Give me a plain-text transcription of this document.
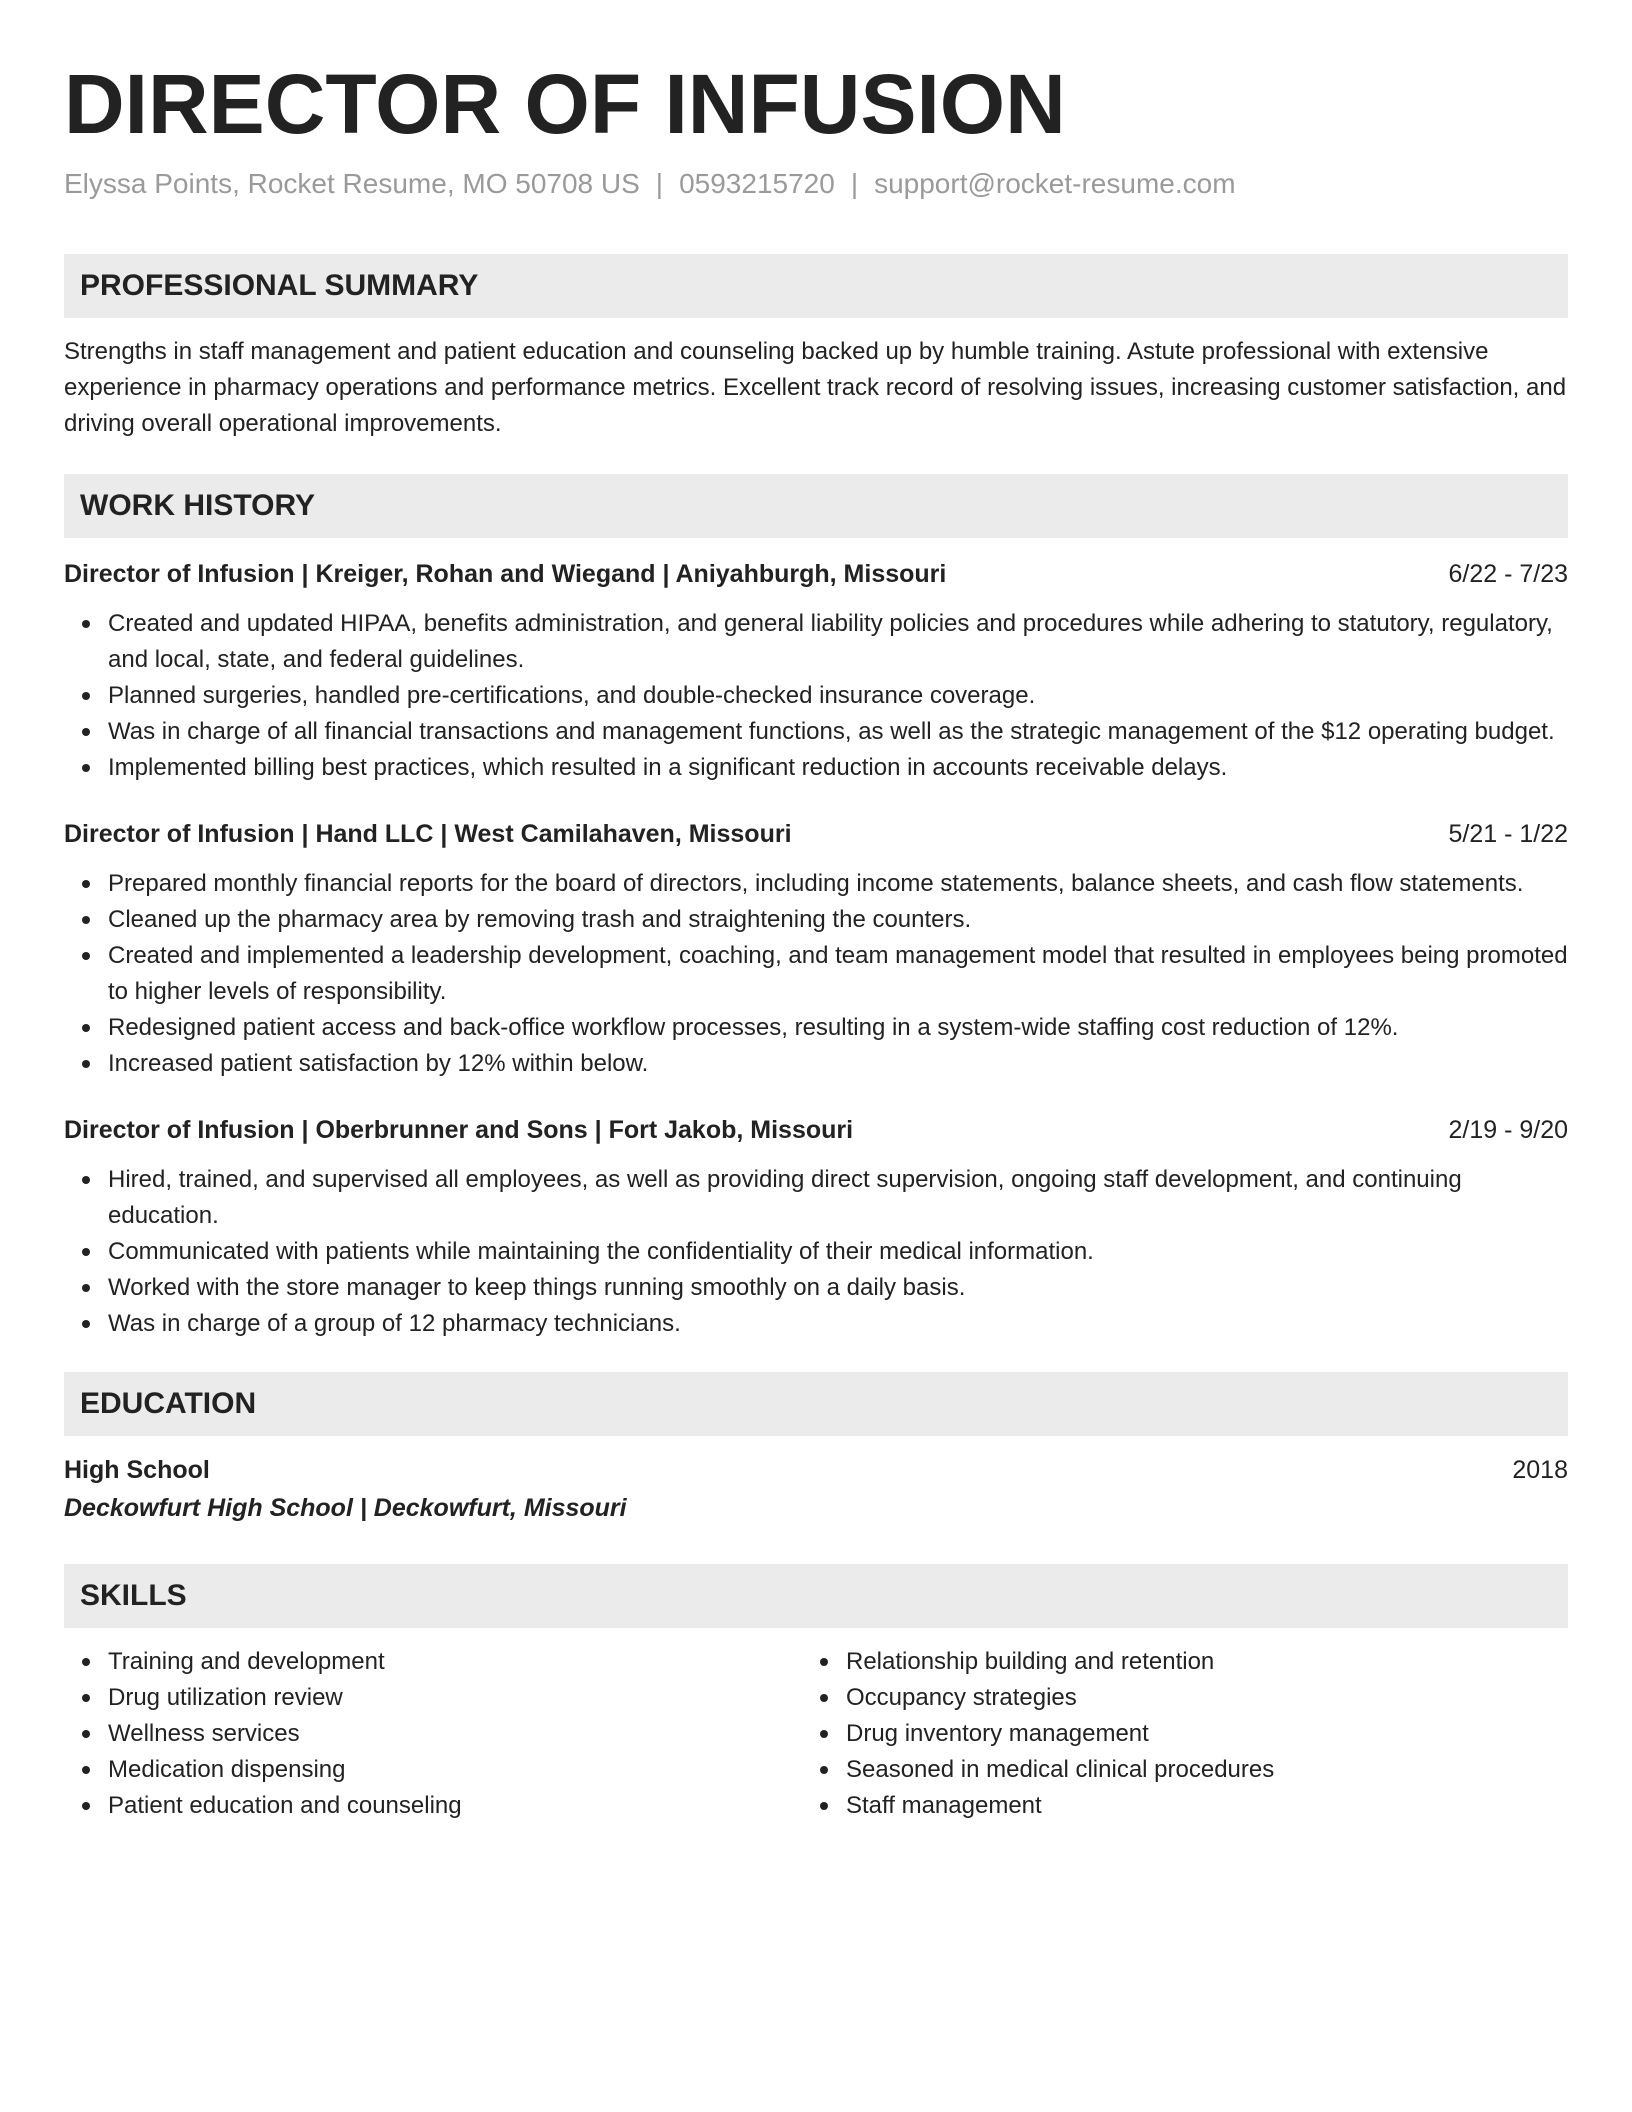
DIRECTOR OF INFUSION
Elyssa Points, Rocket Resume, MO 50708 US | 0593215720 | support@rocket-resume.com
PROFESSIONAL SUMMARY
Strengths in staff management and patient education and counseling backed up by humble training. Astute professional with extensive experience in pharmacy operations and performance metrics. Excellent track record of resolving issues, increasing customer satisfaction, and driving overall operational improvements.
WORK HISTORY
Director of Infusion | Kreiger, Rohan and Wiegand | Aniyahburgh, Missouri	6/22 - 7/23
Created and updated HIPAA, benefits administration, and general liability policies and procedures while adhering to statutory, regulatory, and local, state, and federal guidelines.
Planned surgeries, handled pre-certifications, and double-checked insurance coverage.
Was in charge of all financial transactions and management functions, as well as the strategic management of the $12 operating budget.
Implemented billing best practices, which resulted in a significant reduction in accounts receivable delays.
Director of Infusion | Hand LLC | West Camilahaven, Missouri	5/21 - 1/22
Prepared monthly financial reports for the board of directors, including income statements, balance sheets, and cash flow statements.
Cleaned up the pharmacy area by removing trash and straightening the counters.
Created and implemented a leadership development, coaching, and team management model that resulted in employees being promoted to higher levels of responsibility.
Redesigned patient access and back-office workflow processes, resulting in a system-wide staffing cost reduction of 12%.
Increased patient satisfaction by 12% within below.
Director of Infusion | Oberbrunner and Sons | Fort Jakob, Missouri	2/19 - 9/20
Hired, trained, and supervised all employees, as well as providing direct supervision, ongoing staff development, and continuing education.
Communicated with patients while maintaining the confidentiality of their medical information.
Worked with the store manager to keep things running smoothly on a daily basis.
Was in charge of a group of 12 pharmacy technicians.
EDUCATION
High School	2018
Deckowfurt High School | Deckowfurt, Missouri
SKILLS
Training and development
Drug utilization review
Wellness services
Medication dispensing
Patient education and counseling
Relationship building and retention
Occupancy strategies
Drug inventory management
Seasoned in medical clinical procedures
Staff management
